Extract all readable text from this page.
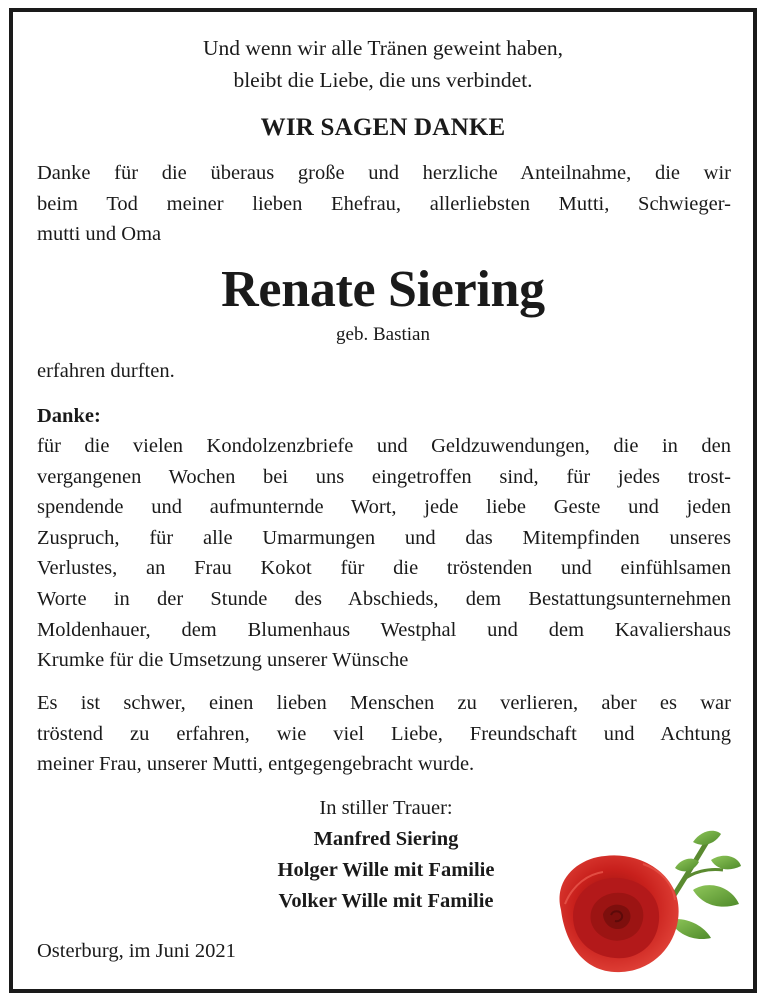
Und wenn wir alle Tränen geweint haben,
bleibt die Liebe, die uns verbindet.
WIR SAGEN DANKE
Danke für die überaus große und herzliche Anteilnahme, die wir
beim Tod meiner lieben Ehefrau, allerliebsten Mutti, Schwieger-
mutti und Oma
Renate Siering
geb. Bastian
erfahren durften.
Danke:
für die vielen Kondolzenzbriefe und Geldzuwendungen, die in den
vergangenen Wochen bei uns eingetroffen sind, für jedes trost-
spendende und aufmunternde Wort, jede liebe Geste und jeden
Zuspruch, für alle Umarmungen und das Mitempfinden unseres
Verlustes, an Frau Kokot für die tröstenden und einfühlsamen
Worte in der Stunde des Abschieds, dem Bestattungsunternehmen
Moldenhauer, dem Blumenhaus Westphal und dem Kavaliershaus
Krumke für die Umsetzung unserer Wünsche
Es ist schwer, einen lieben Menschen zu verlieren, aber es war
tröstend zu erfahren, wie viel Liebe, Freundschaft und Achtung
meiner Frau, unserer Mutti, entgegengebracht wurde.
In stiller Trauer:
Manfred Siering
Holger Wille mit Familie
Volker Wille mit Familie
Osterburg, im Juni 2021
